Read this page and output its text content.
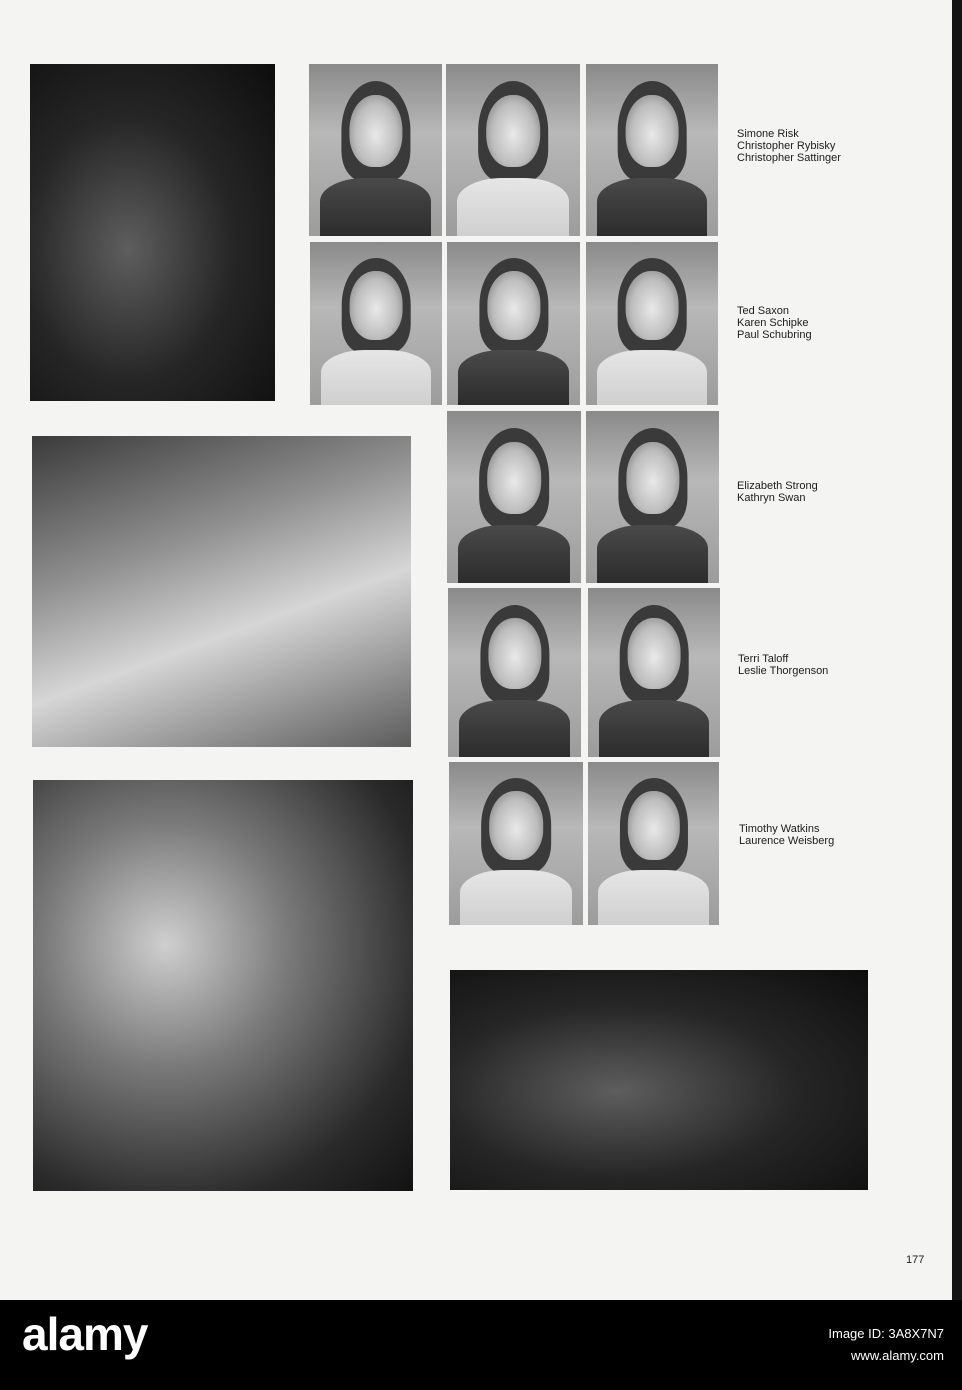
Simone Risk
Christopher Rybisky
Christopher Sattinger

Ted Saxon
Karen Schipke
Paul Schubring

Elizabeth Strong
Kathryn Swan

Terri Taloff
Leslie Thorgenson

Timothy Watkins
Laurence Weisberg

177
alamy	Image ID: 3A8X7N7
www.alamy.com
